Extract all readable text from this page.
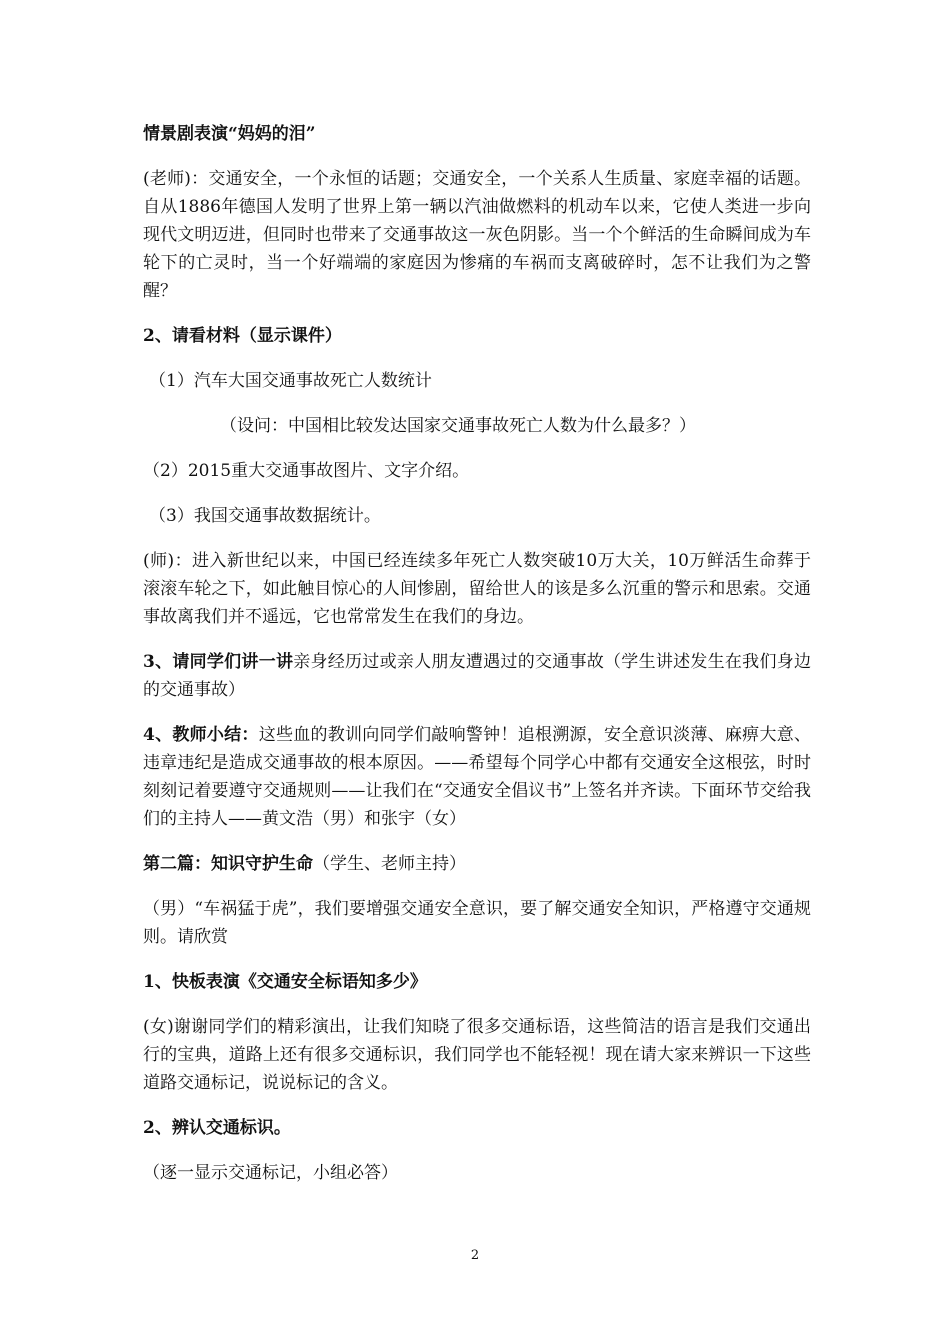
情景剧表演“妈妈的泪”

(老师)：交通安全，一个永恒的话题；交通安全，一个关系人生质量、家庭幸福的话题。自从1886年德国人发明了世界上第一辆以汽油做燃料的机动车以来，它使人类进一步向现代文明迈进，但同时也带来了交通事故这一灰色阴影。当一个个鲜活的生命瞬间成为车轮下的亡灵时，当一个好端端的家庭因为惨痛的车祸而支离破碎时，怎不让我们为之警醒？

2、请看材料（显示课件）

（1）汽车大国交通事故死亡人数统计

（设问：中国相比较发达国家交通事故死亡人数为什么最多？）

（2）2015重大交通事故图片、文字介绍。

（3）我国交通事故数据统计。

(师)：进入新世纪以来，中国已经连续多年死亡人数突破10万大关，10万鲜活生命葬于滚滚车轮之下，如此触目惊心的人间惨剧，留给世人的该是多么沉重的警示和思索。交通事故离我们并不遥远，它也常常发生在我们的身边。

3、请同学们讲一讲亲身经历过或亲人朋友遭遇过的交通事故（学生讲述发生在我们身边的交通事故）

4、教师小结：这些血的教训向同学们敲响警钟！追根溯源，安全意识淡薄、麻痹大意、违章违纪是造成交通事故的根本原因。——希望每个同学心中都有交通安全这根弦，时时刻刻记着要遵守交通规则——让我们在“交通安全倡议书”上签名并齐读。下面环节交给我们的主持人——黄文浩（男）和张宇（女）

第二篇：知识守护生命（学生、老师主持）

（男）“车祸猛于虎”，我们要增强交通安全意识，要了解交通安全知识，严格遵守交通规则。请欣赏

1、快板表演《交通安全标语知多少》

(女)谢谢同学们的精彩演出，让我们知晓了很多交通标语，这些简洁的语言是我们交通出行的宝典，道路上还有很多交通标识，我们同学也不能轻视！现在请大家来辨识一下这些道路交通标记，说说标记的含义。

2、辨认交通标识。

（逐一显示交通标记，小组必答）

2
